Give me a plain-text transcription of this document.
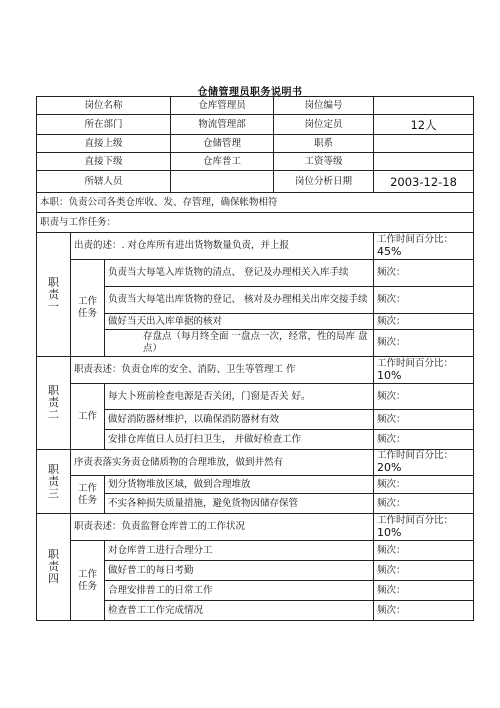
仓储管理员职务说明书
岗位名称			仓库管理员	岗位编号	
所在部门			物流管理部	岗位定员	12人
直接上级			仓储管理	职系	
直接下级			仓库普工	工资等级	
所辖人员				岗位分析日期	2003-12-18
本职：负责公司各类仓库收、发、存管理，确保帐物相符					
职责与工作任务：					

职
责
一	出责的述：. 对仓库所有进出货物数量负责，并上报				工作时间百分比：45%

	工作
任务	负责当大每笔入库货物的清点、 登记及办理相关入库手续			频次：
		负责当大每笔出库货物的登记、 核对及办理相关出库交接手续			频次：
		做好当天出入库单据的核对			频次：
		存盘点（每月终全面 一盘点一次，经常，性的局库 盘点）			频次：

职
责
二	职责表述：负责仓库的安全、消防、卫生等管理工 作				工作时间百分比：10%

	工作	每大卜班前检查电源是否关闭，门窗是否关 好。			频次：
		做好消防器材维护，以确保消防器材有效			频次：
		安排仓库值日人员打扫卫生， 并做好检查工作			频次：

职
责
三	序责表落实务责仓储质物的合理堆放，做到井然有				工作时间百分比：20%

	工作
任务	划分货物堆放区域，做到合理堆放			频次：
		不实各种损失质量措施，避免货物因储存保管			频次：

职
责
四	职责表述：负责监督仓库普工的工作状况				工作时间百分比：10%

	工作
任务	对仓库普工进行合理分工			频次：
		做好普工的每日考勤			频次：
		合理安排普工的日常工作			频次：
		检查普工工作完成情况			频次：
